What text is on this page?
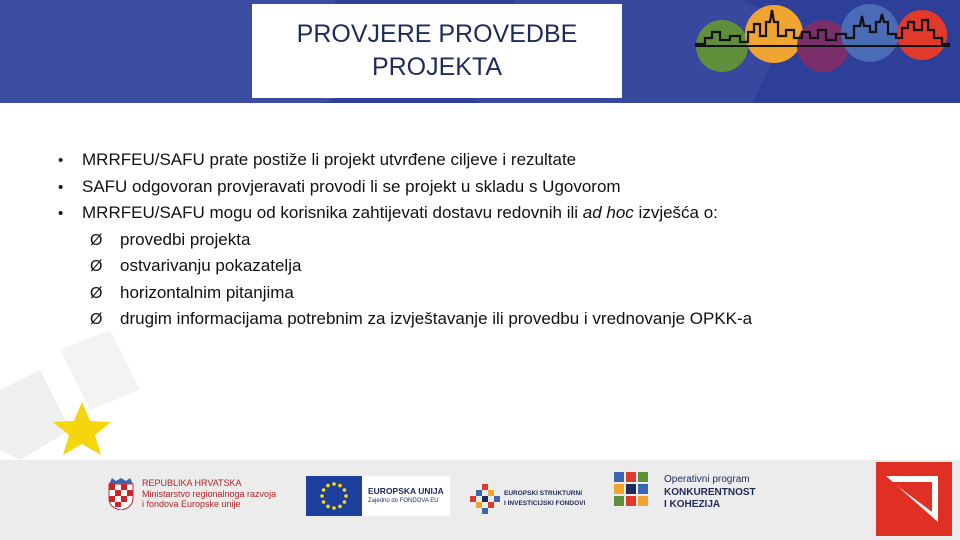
PROVJERE PROVEDBE
PROJEKTA
•	MRRFEU/SAFU prate postiže li projekt utvrđene ciljeve i rezultate
•	SAFU odgovoran provjeravati provodi li se projekt u skladu s Ugovorom
•	MRRFEU/SAFU mogu od korisnika zahtijevati dostavu redovnih ili ad hoc izvješća o:
Ø	provedbi projekta
Ø	ostvarivanju pokazatelja
Ø	horizontalnim pitanjima
Ø	drugim informacijama potrebnim za izvještavanje ili provedbu i vrednovanje OPKK-a
REPUBLIKA HRVATSKA
Ministarstvo regionalnoga razvoja
i fondova Europske unije
EUROPSKA UNIJA
Zajedno do FONDOVA EU
EUROPSKI STRUKTURNI
I INVESTICIJSKI FONDOVI
Operativni program
KONKURENTNOST
I KOHEZIJA
